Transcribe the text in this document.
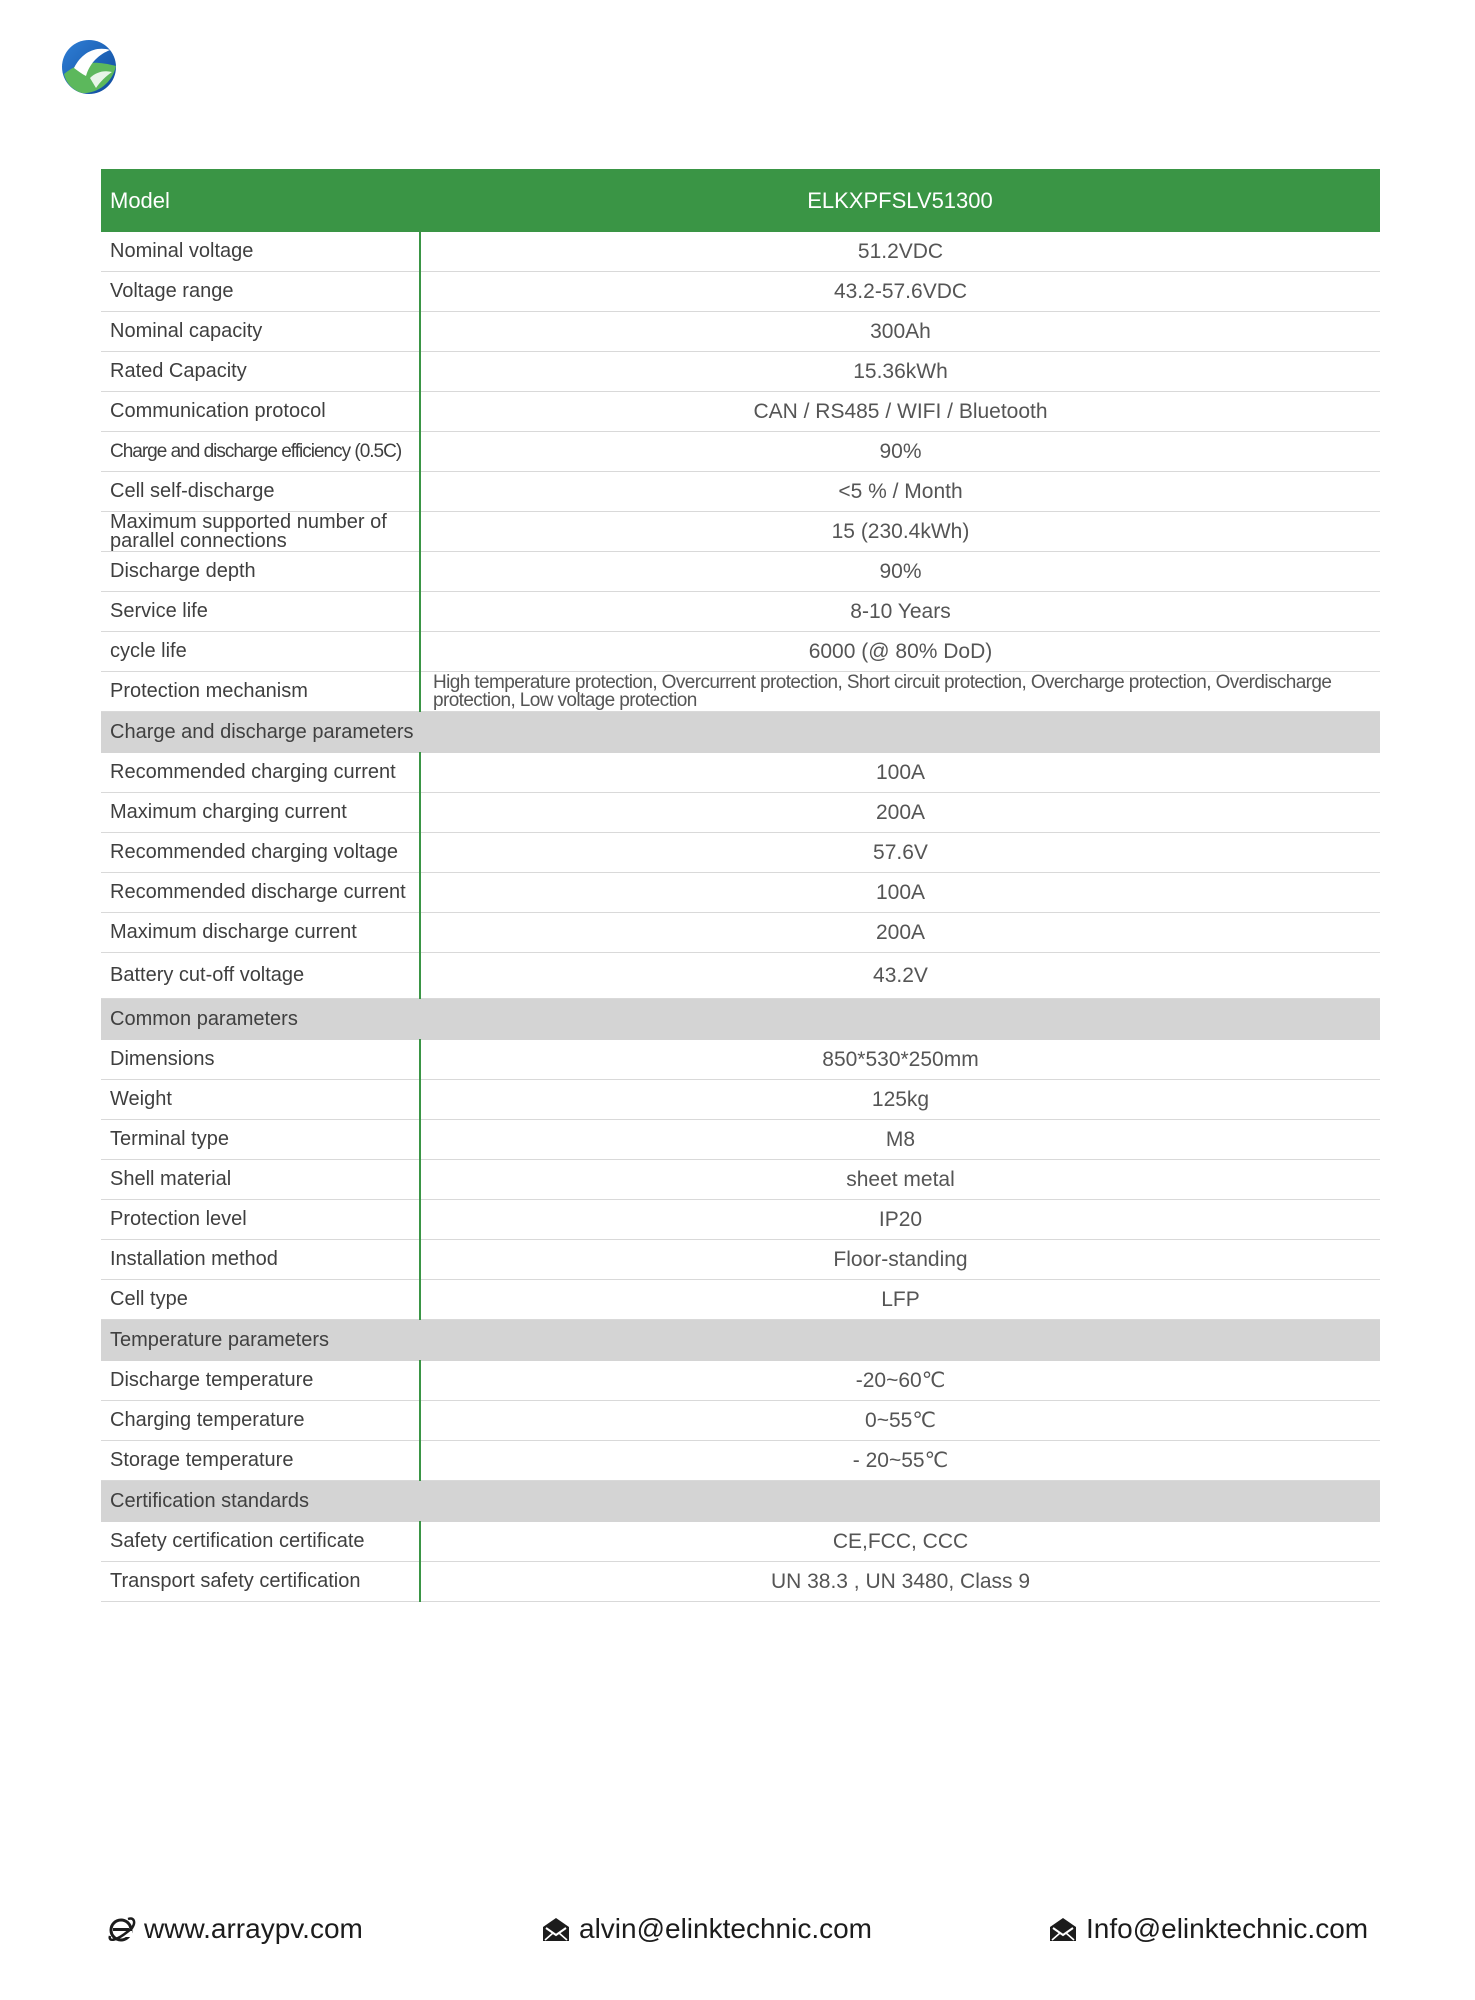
Model	ELKXPFSLV51300
Nominal voltage	51.2VDC
Voltage range	43.2-57.6VDC
Nominal capacity	300Ah
Rated Capacity	15.36kWh
Communication protocol	CAN / RS485 / WIFI / Bluetooth
Charge and discharge efficiency (0.5C)	90%
Cell self-discharge	<5 % / Month
Maximum supported number of parallel connections	15 (230.4kWh)
Discharge depth	90%
Service life	8-10 Years
cycle life	6000 (@ 80% DoD)
Protection mechanism	High temperature protection, Overcurrent protection, Short circuit protection, Overcharge protection, Overdischarge protection, Low voltage protection
Charge and discharge parameters	
Recommended charging current	100A
Maximum charging current	200A
Recommended charging voltage	57.6V
Recommended discharge current	100A
Maximum discharge current	200A
Battery cut-off voltage	43.2V
Common parameters	
Dimensions	850*530*250mm
Weight	125kg
Terminal type	M8
Shell material	sheet metal
Protection level	IP20
Installation method	Floor-standing
Cell type	LFP
Temperature parameters	
Discharge temperature	-20~60℃
Charging temperature	0~55℃
Storage temperature	- 20~55℃
Certification standards	
Safety certification certificate	CE,FCC, CCC
Transport safety certification	UN 38.3 , UN 3480, Class 9
www.arraypv.com	alvin@elinktechnic.com	Info@elinktechnic.com
